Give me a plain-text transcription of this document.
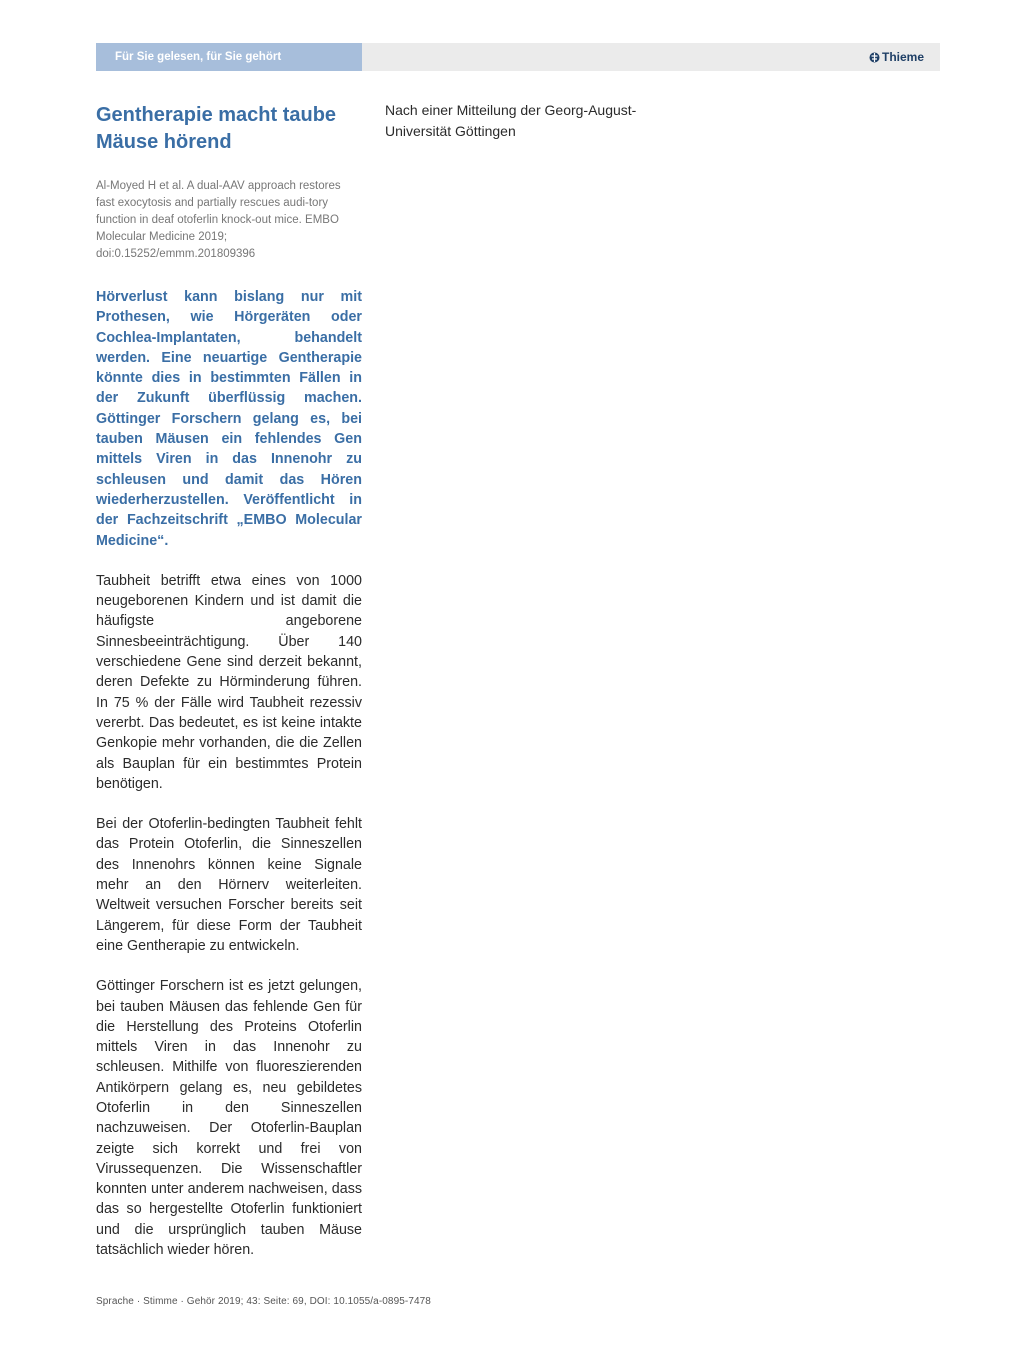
Für Sie gelesen, für Sie gehört	Thieme
Gentherapie macht taube Mäuse hörend

Al-Moyed H et al. A dual-AAV approach restores fast exocytosis and partially rescues audi-tory function in deaf otoferlin knock-out mice. EMBO Molecular Medicine 2019; doi:0.15252/emmm.201809396

Hörverlust kann bislang nur mit Prothesen, wie Hörgeräten oder Cochlea-Implantaten, behandelt werden. Eine neuartige Gentherapie könnte dies in bestimmten Fällen in der Zukunft überflüssig machen. Göttinger Forschern gelang es, bei tauben Mäusen ein fehlendes Gen mittels Viren in das Innenohr zu schleusen und damit das Hören wiederherzustellen. Veröffentlicht in der Fachzeitschrift „EMBO Molecular Medicine“.

Taubheit betrifft etwa eines von 1000 neugeborenen Kindern und ist damit die häufigste angeborene Sinnesbeeinträchtigung. Über 140 verschiedene Gene sind derzeit bekannt, deren Defekte zu Hörminderung führen. In 75 % der Fälle wird Taubheit rezessiv vererbt. Das bedeutet, es ist keine intakte Genkopie mehr vorhanden, die die Zellen als Bauplan für ein bestimmtes Protein benötigen.

Bei der Otoferlin-bedingten Taubheit fehlt das Protein Otoferlin, die Sinneszellen des Innenohrs können keine Signale mehr an den Hörnerv weiterleiten. Weltweit versuchen Forscher bereits seit Längerem, für diese Form der Taubheit eine Gentherapie zu entwickeln.

Göttinger Forschern ist es jetzt gelungen, bei tauben Mäusen das fehlende Gen für die Herstellung des Proteins Otoferlin mittels Viren in das Innenohr zu schleusen. Mithilfe von fluoreszierenden Antikörpern gelang es, neu gebildetes Otoferlin in den Sinneszellen nachzuweisen. Der Otoferlin-Bauplan zeigte sich korrekt und frei von Virussequenzen. Die Wissenschaftler konnten unter anderem nachweisen, dass das so hergestellte Otoferlin funktioniert und die ursprünglich tauben Mäuse tatsächlich wieder hören.

Nach einer Mitteilung der Georg-August-Universität Göttingen

Sprache · Stimme · Gehör 2019; 43: Seite: 69, DOI: 10.1055/a-0895-7478
